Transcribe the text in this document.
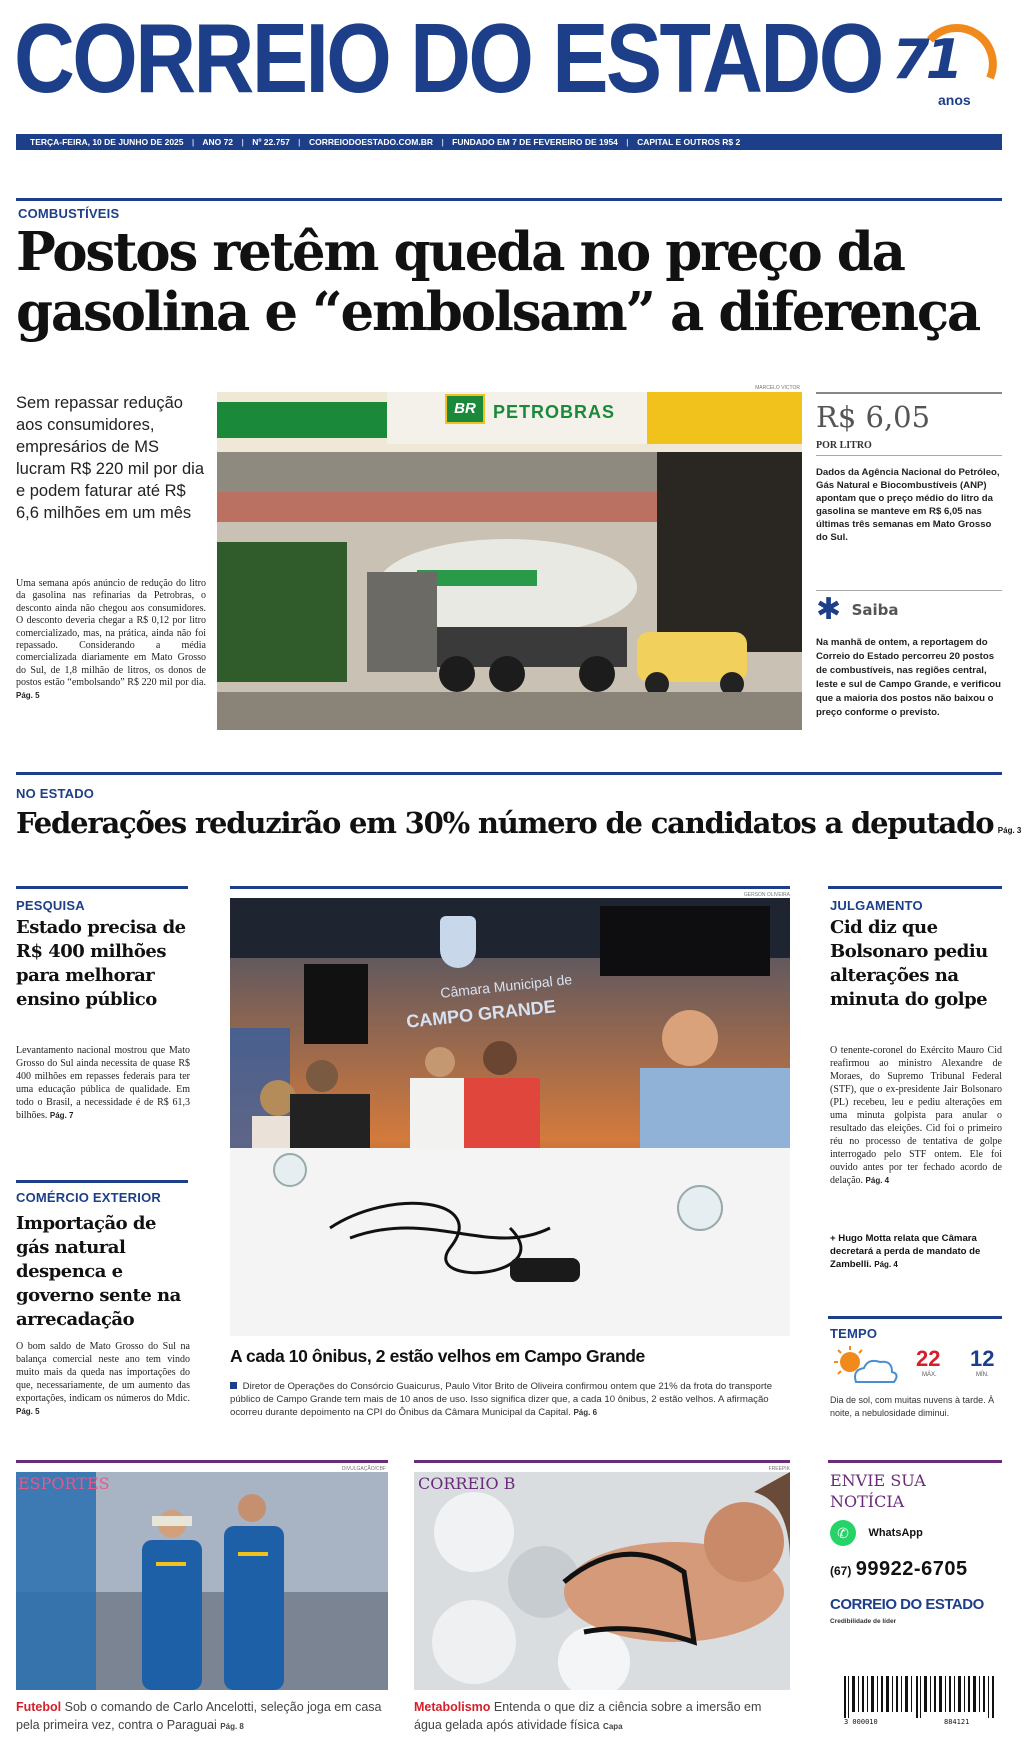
CORREIO DO ESTADO 71
anos
TERÇA-FEIRA, 10 DE JUNHO DE 2025 | ANO 72 | Nº 22.757 | CORREIODOESTADO.COM.BR | FUNDADO EM 7 DE FEVEREIRO DE 1954 | CAPITAL E OUTROS R$ 2
COMBUSTÍVEIS
Postos retêm queda no preço da gasolina e “embolsam” a diferença
Sem repassar redução aos consumidores, empresários de MS lucram R$ 220 mil por dia e podem faturar até R$ 6,6 milhões em um mês
Uma semana após anúncio de redução do litro da gasolina nas refinarias da Petrobras, o desconto ainda não chegou aos consumidores. O desconto deveria chegar a R$ 0,12 por litro comercializado, mas, na prática, ainda não foi repassado. Considerando a média comercializada diariamente em Mato Grosso do Sul, de 1,8 milhão de litros, os donos de postos estão “embolsando” R$ 220 mil por dia. Pág. 5
MARCELO VICTOR
BR PETROBRAS	R$ 6,05
POR LITRO
Dados da Agência Nacional do Petróleo, Gás Natural e Biocombustíveis (ANP) apontam que o preço médio do litro da gasolina se manteve em R$ 6,05 nas últimas três semanas em Mato Grosso do Sul.
✱ Saiba
Na manhã de ontem, a reportagem do Correio do Estado percorreu 20 postos de combustíveis, nas regiões central, leste e sul de Campo Grande, e verificou que a maioria dos postos não baixou o preço conforme o previsto.
NO ESTADO
Federações reduzirão em 30% número de candidatos a deputado Pág. 3
PESQUISA
Estado precisa de R$ 400 milhões para melhorar ensino público
Levantamento nacional mostrou que Mato Grosso do Sul ainda necessita de quase R$ 400 milhões em repasses federais para ter uma educação pública de qualidade. Em todo o Brasil, a necessidade é de R$ 61,3 bilhões. Pág. 7
COMÉRCIO EXTERIOR
Importação de gás natural despenca e governo sente na arrecadação
O bom saldo de Mato Grosso do Sul na balança comercial neste ano tem vindo muito mais da queda nas importações do que, necessariamente, de um aumento das exportações, indicam os números do Mdic. Pág. 5
GERSON OLIVEIRA
Câmara Municipal de
CAMPO GRANDE
A cada 10 ônibus, 2 estão velhos em Campo Grande
Diretor de Operações do Consórcio Guaicurus, Paulo Vitor Brito de Oliveira confirmou ontem que 21% da frota do transporte público de Campo Grande tem mais de 10 anos de uso. Isso significa dizer que, a cada 10 ônibus, 2 estão velhos. A afirmação ocorreu durante depoimento na CPI do Ônibus da Câmara Municipal da Capital. Pág. 6
JULGAMENTO
Cid diz que Bolsonaro pediu alterações na minuta do golpe
O tenente-coronel do Exército Mauro Cid reafirmou ao ministro Alexandre de Moraes, do Supremo Tribunal Federal (STF), que o ex-presidente Jair Bolsonaro (PL) recebeu, leu e pediu alterações em uma minuta golpista para anular o resultado das eleições. Cid foi o primeiro réu no processo de tentativa de golpe interrogado pelo STF ontem. Ele foi ouvido antes por ter fechado acordo de delação. Pág. 4
+ Hugo Motta relata que Câmara decretará a perda de mandato de Zambelli. Pág. 4
TEMPO
22
MÁX.
12
MÍN.
Dia de sol, com muitas nuvens à tarde. À noite, a nebulosidade diminui.
DIVULGAÇÃO/CBF
ESPORTES
Futebol Sob o comando de Carlo Ancelotti, seleção joga em casa pela primeira vez, contra o Paraguai Pág. 8
FREEPIK
CORREIO B
Metabolismo Entenda o que diz a ciência sobre a imersão em água gelada após atividade física Capa
ENVIE SUA NOTÍCIA
✆ WhatsApp
(67) 99922-6705
CORREIO DO ESTADO
Credibilidade de líder
3 000010	884121
